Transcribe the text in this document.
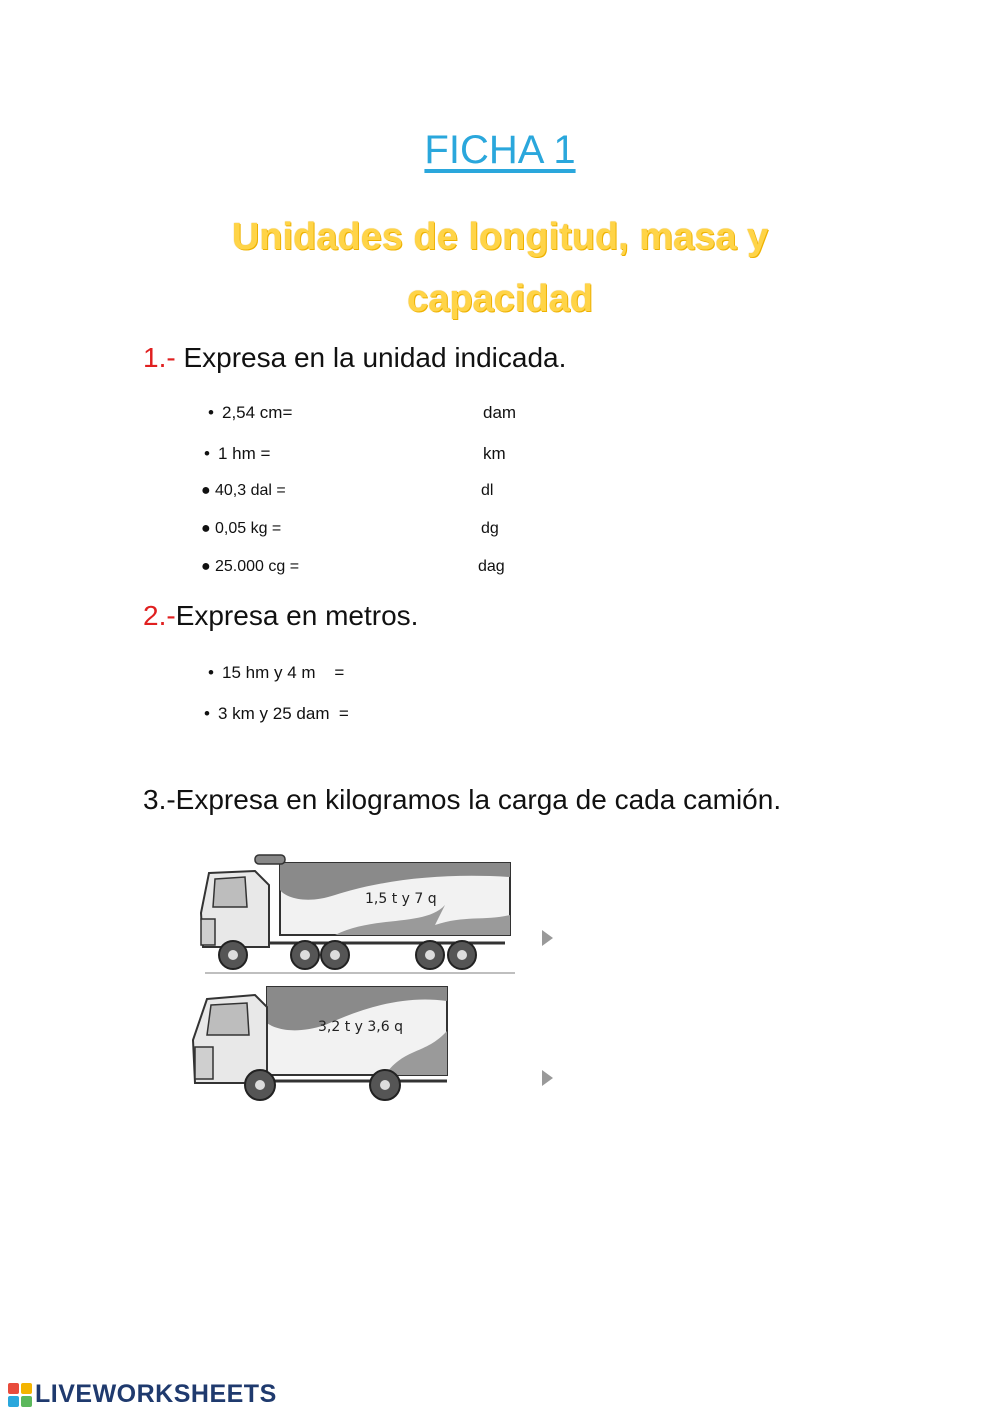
FICHA 1
Unidades de longitud, masa y capacidad
1.- Expresa en la unidad indicada.
• 2,54 cm=	dam
• 1 hm =	km
● 40,3 dal =	dl
● 0,05 kg =	dg
● 25.000 cg =	dag
2.-Expresa en metros.
• 15 hm y 4 m    =
• 3 km y 25 dam  =
3.-Expresa en kilogramos la carga de cada camión.
1,5 t y 7 q
3,2 t y 3,6 q
LIVEWORKSHEETS
